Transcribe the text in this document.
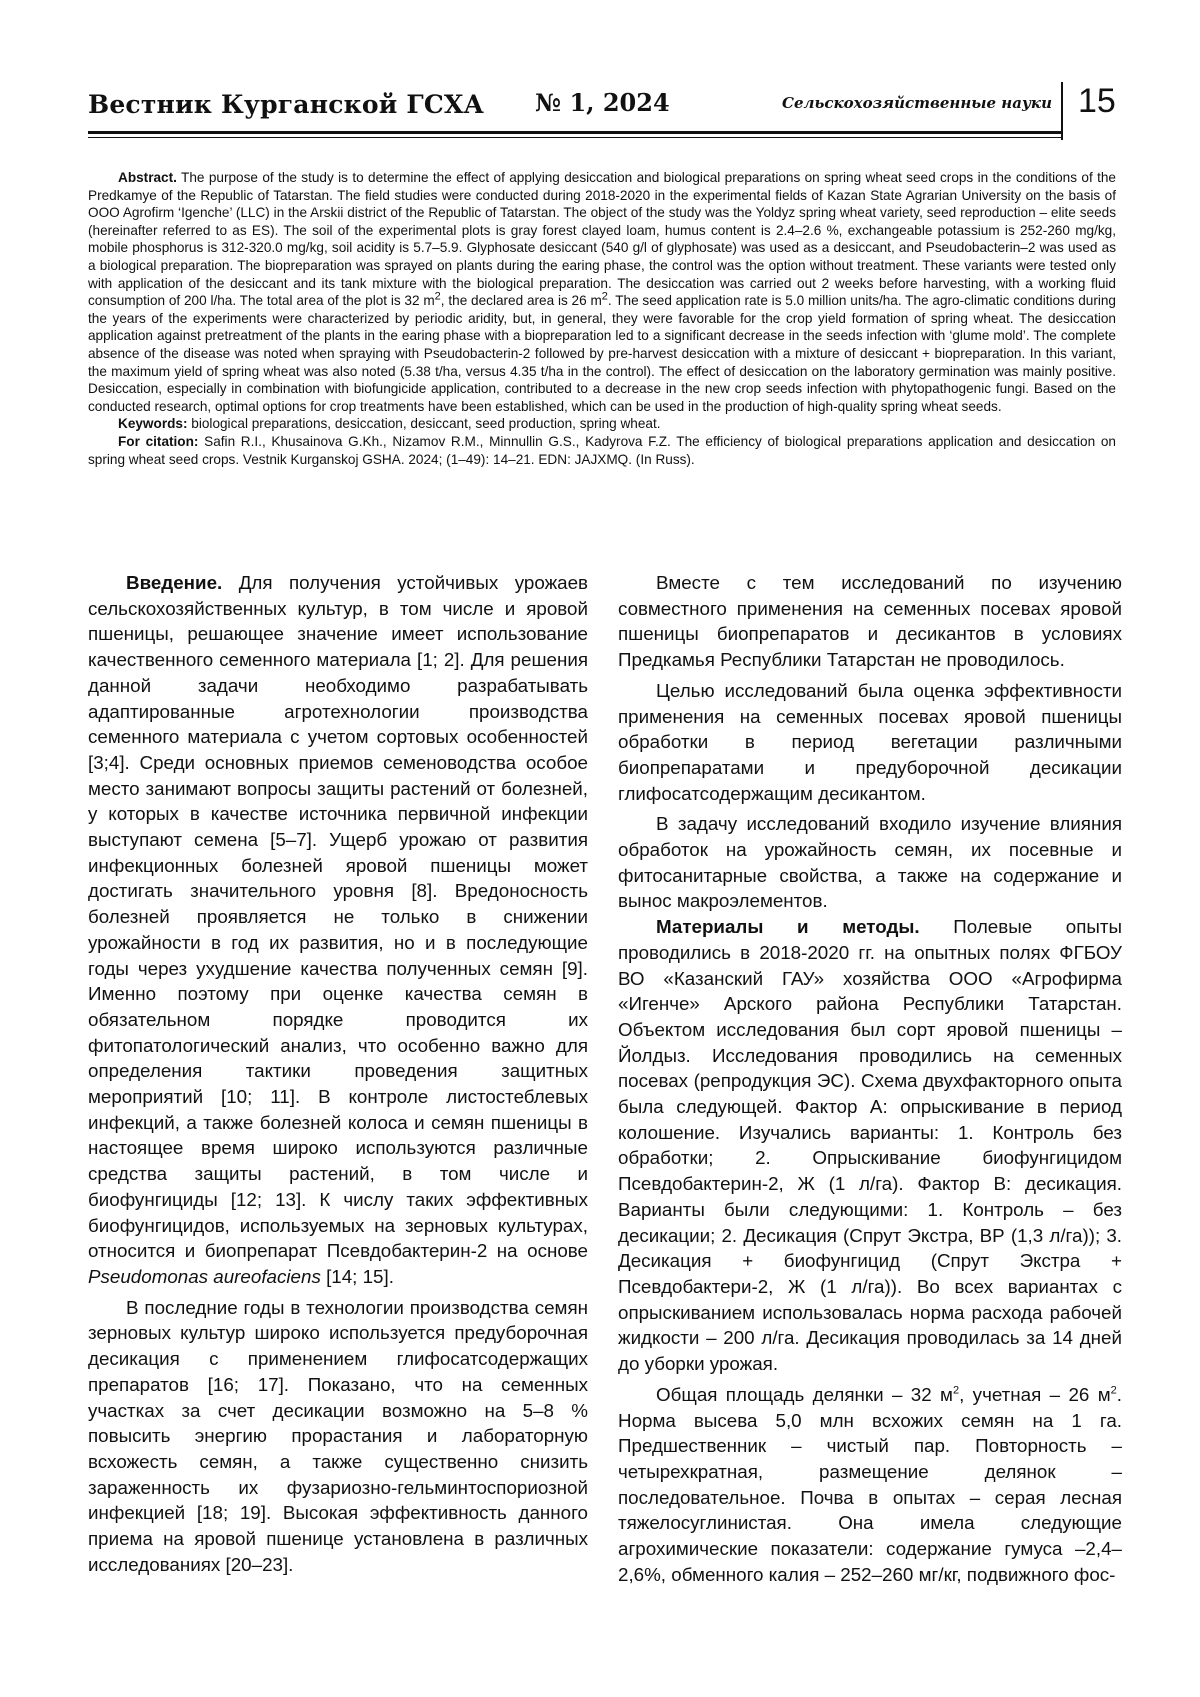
Вестник Курганской ГСХА № 1, 2024	Сельскохозяйственные науки 15

Abstract. The purpose of the study is to determine the effect of applying desiccation and biological preparations on spring wheat seed crops in the conditions of the Predkamye of the Republic of Tatarstan. The field studies were conducted during 2018-2020 in the experimental fields of Kazan State Agrarian University on the basis of OOO Agrofirm ‘Igenche’ (LLC) in the Arskii district of the Republic of Tatarstan. The object of the study was the Yoldyz spring wheat variety, seed reproduction – elite seeds (hereinafter referred to as ES). The soil of the experimental plots is gray forest clayed loam, humus content is 2.4–2.6 %, exchangeable potassium is 252-260 mg/kg, mobile phosphorus is 312-320.0 mg/kg, soil acidity is 5.7–5.9. Glyphosate desiccant (540 g/l of glyphosate) was used as a desiccant, and Pseudobacterin–2 was used as a biological preparation. The biopreparation was sprayed on plants during the earing phase, the control was the option without treatment. These variants were tested only with application of the desiccant and its tank mixture with the biological preparation. The desiccation was carried out 2 weeks before harvesting, with a working fluid consumption of 200 l/ha. The total area of the plot is 32 $m^2$, the declared area is 26 $m^2$. The seed application rate is 5.0 million units/ha. The agro-climatic conditions during the years of the experiments were characterized by periodic aridity, but, in general, they were favorable for the crop yield formation of spring wheat. The desiccation application against pretreatment of the plants in the earing phase with a biopreparation led to a significant decrease in the seeds infection with ‘glume mold’. The complete absence of the disease was noted when spraying with Pseudobacterin-2 followed by pre-harvest desiccation with a mixture of desiccant + biopreparation. In this variant, the maximum yield of spring wheat was also noted (5.38 t/ha, versus 4.35 t/ha in the control). The effect of desiccation on the laboratory germination was mainly positive. Desiccation, especially in combination with biofungicide application, contributed to a decrease in the new crop seeds infection with phytopathogenic fungi. Based on the conducted research, optimal options for crop treatments have been established, which can be used in the production of high-quality spring wheat seeds.

Keywords: biological preparations, desiccation, desiccant, seed production, spring wheat.

For citation: Safin R.I., Khusainova G.Kh., Nizamov R.M., Minnullin G.S., Kadyrova F.Z. The efficiency of biological preparations application and desiccation on spring wheat seed crops. Vestnik Kurganskoj GSHA. 2024; (1–49): 14–21. EDN: JAJXMQ. (In Russ).

Введение. Для получения устойчивых урожаев сельскохозяйственных культур, в том числе и яровой пшеницы, решающее значение имеет использование качественного семенного материала [1; 2]. Для решения данной задачи необходимо разрабатывать адаптированные агротехнологии производства семенного материала с учетом сортовых особенностей [3;4]. Среди основных приемов семеноводства особое место занимают вопросы защиты растений от болезней, у которых в качестве источника первичной инфекции выступают семена [5–7]. Ущерб урожаю от развития инфекционных болезней яровой пшеницы может достигать значительного уровня [8]. Вредоносность болезней проявляется не только в снижении урожайности в год их развития, но и в последующие годы через ухудшение качества полученных семян [9]. Именно поэтому при оценке качества семян в обязательном порядке проводится их фитопатологический анализ, что особенно важно для определения тактики проведения защитных мероприятий [10; 11]. В контроле листостеблевых инфекций, а также болезней колоса и семян пшеницы в настоящее время широко используются различные средства защиты растений, в том числе и биофунгициды [12; 13]. К числу таких эффективных биофунгицидов, используемых на зерновых культурах, относится и биопрепарат Псевдобактерин-2 на основе Pseudomonas aureofaciens [14; 15].

В последние годы в технологии производства семян зерновых культур широко используется предуборочная десикация с применением глифосатсодержащих препаратов [16; 17]. Показано, что на семенных участках за счет десикации возможно на 5–8 % повысить энергию прорастания и лабораторную всхожесть семян, а также существенно снизить зараженность их фузариозно-гельминтоспориозной инфекцией [18; 19]. Высокая эффективность данного приема на яровой пшенице установлена в различных исследованиях [20–23].

Вместе с тем исследований по изучению совместного применения на семенных посевах яровой пшеницы биопрепаратов и десикантов в условиях Предкамья Республики Татарстан не проводилось.

Целью исследований была оценка эффективности применения на семенных посевах яровой пшеницы обработки в период вегетации различными биопрепаратами и предуборочной десикации глифосатсодержащим десикантом.

В задачу исследований входило изучение влияния обработок на урожайность семян, их посевные и фитосанитарные свойства, а также на содержание и вынос макроэлементов.

Материалы и методы. Полевые опыты проводились в 2018-2020 гг. на опытных полях ФГБОУ ВО «Казанский ГАУ» хозяйства ООО «Агрофирма «Игенче» Арского района Республики Татарстан. Объектом исследования был сорт яровой пшеницы – Йолдыз. Исследования проводились на семенных посевах (репродукция ЭС). Схема двухфакторного опыта была следующей. Фактор А: опрыскивание в период колошение. Изучались варианты: 1. Контроль без обработки; 2. Опрыскивание биофунгицидом Псевдобактерин-2, Ж (1 л/га). Фактор В: десикация. Варианты были следующими: 1. Контроль – без десикации; 2. Десикация (Спрут Экстра, ВР (1,3 л/га)); 3. Десикация + биофунгицид (Спрут Экстра + Псевдобактери-2, Ж (1 л/га)). Во всех вариантах с опрыскиванием использовалась норма расхода рабочей жидкости – 200 л/га. Десикация проводилась за 14 дней до уборки урожая.

Общая площадь делянки – 32 $м^2$, учетная – 26 $м^2$. Норма высева 5,0 млн всхожих семян на 1 га. Предшественник – чистый пар. Повторность – четырехкратная, размещение делянок – последовательное. Почва в опытах – серая лесная тяжелосуглинистая. Она имела следующие агрохимические показатели: содержание гумуса –2,4–2,6%, обменного калия – 252–260 мг/кг, подвижного фос-
